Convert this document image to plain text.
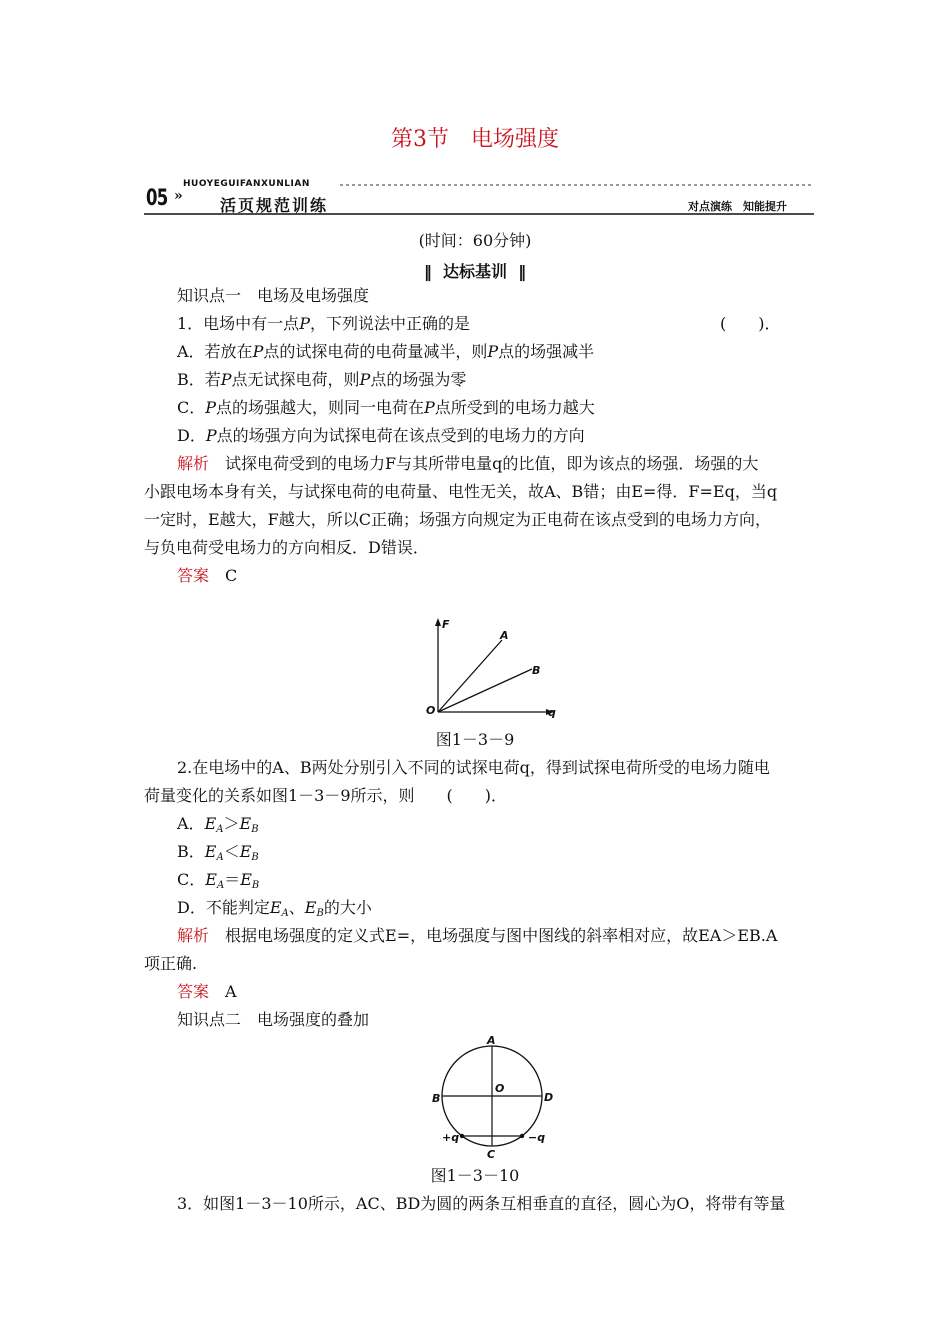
第3节　电场强度
05 »
HUOYEGUIFANXUNLIAN
活页规范训练	对点演练　知能提升
(时间：60分钟)
‖ 达标基训 ‖
知识点一　电场及电场强度
1．电场中有一点P，下列说法中正确的是	(　　)．
A．若放在P点的试探电荷的电荷量减半，则P点的场强减半
B．若P点无试探电荷，则P点的场强为零
C．P点的场强越大，则同一电荷在P点所受到的电场力越大
D．P点的场强方向为试探电荷在该点受到的电场力的方向
解析　 试探电荷受到的电场力F与其所带电量q的比值，即为该点的场强．场强的大
小跟电场本身有关，与试探电荷的电荷量、电性无关，故A、B错；由E=得．F=Eq，当q
一定时，E越大，F越大，所以C正确；场强方向规定为正电荷在该点受到的电场力方向，
与负电荷受电场力的方向相反．D错误．
答案　 C
F
A
B
O	q
图1－3－9
2.在电场中的A、B两处分别引入不同的试探电荷q，得到试探电荷所受的电场力随电
荷量变化的关系如图1－3－9所示，则　　(　　)．
A．$E_A>E_B$
B．$E_A<E_B$
C．$E_A=E_B$
D．不能判定$E_A$、$E_B$的大小
解析　 根据电场强度的定义式E=，电场强度与图中图线的斜率相对应，故EA＞EB.A
项正确.
答案　 A
知识点二　电场强度的叠加
A
O
B	D
+q	−q
C
图1－3－10
3．如图1－3－10所示，AC、BD为圆的两条互相垂直的直径，圆心为O，将带有等量
